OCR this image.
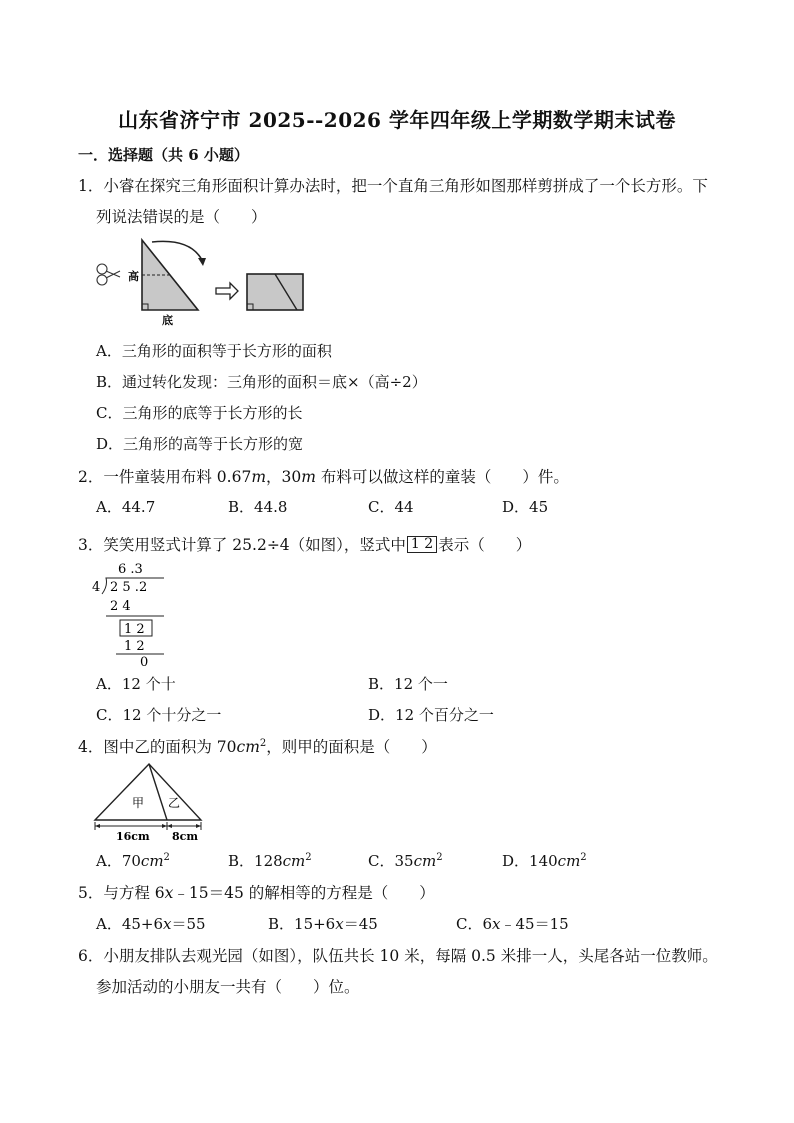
山东省济宁市 2025--2026 学年四年级上学期数学期末试卷
一．选择题（共 6 小题）
1．小睿在探究三角形面积计算办法时，把一个直角三角形如图那样剪拼成了一个长方形。下
列说法错误的是（　　）
高
底
A．三角形的面积等于长方形的面积
B．通过转化发现：三角形的面积＝底×（高÷2）
C．三角形的底等于长方形的长
D．三角形的高等于长方形的宽
2．一件童装用布料 0.67m，30m 布料可以做这样的童装（　　）件。
A．44.7	B．44.8	C．44	D．45
3．笑笑用竖式计算了 25.2÷4（如图），竖式中 1 2 表示（　　）
6 .3
4 2 5 .2
2 4
1 2
1 2
0
A．12 个十	B．12 个一
C．12 个十分之一	D．12 个百分之一
4．图中乙的面积为 $70cm^2$，则甲的面积是（　　）
甲 乙
16cm 8cm
A．$70cm^2$	B．$128cm^2$	C．$35cm^2$	D．$140cm^2$
5．与方程 6x﹣15＝45 的解相等的方程是（　　）
A．45+6x＝55	B．15+6x＝45	C．6x﹣45＝15
6．小朋友排队去观光园（如图），队伍共长 10 米，每隔 0.5 米排一人，头尾各站一位教师。
参加活动的小朋友一共有（　　）位。
